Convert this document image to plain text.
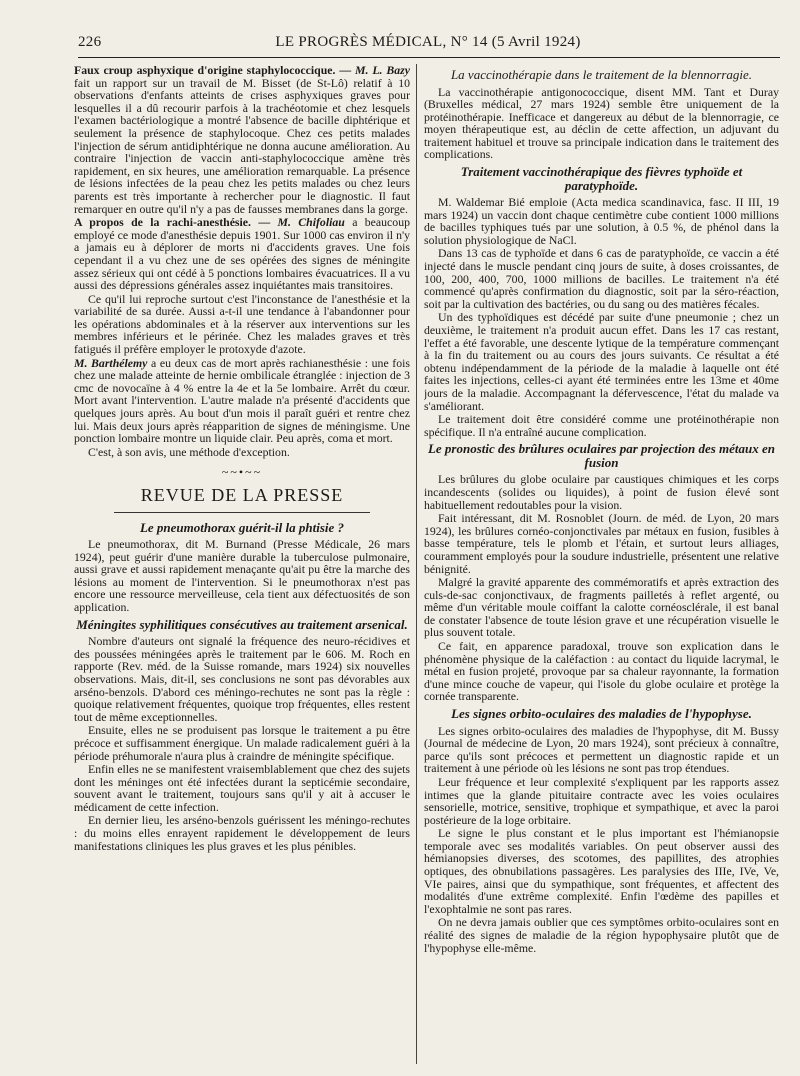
226	LE PROGRÈS MÉDICAL, N° 14 (5 Avril 1924)

Faux croup asphyxique d'origine staphylococcique. — M. L. Bazy fait un rapport sur un travail de M. Bisset (de St-Lô) relatif à 10 observations d'enfants atteints de crises asphyxiques graves pour lesquelles il a dû recourir parfois à la trachéotomie et chez lesquels l'examen bactériologique a montré l'absence de bacille diphtérique et seulement la présence de staphylocoque. Chez ces petits malades l'injection de sérum antidiphtérique ne donna aucune amélioration. Au contraire l'injection de vaccin anti-staphylococcique amène très rapidement, en six heures, une amélioration remarquable. La présence de lésions infectées de la peau chez les petits malades ou chez leurs parents est très importante à rechercher pour le diagnostic. Il faut remarquer en outre qu'il n'y a pas de fausses membranes dans la gorge.

A propos de la rachi-anesthésie. — M. Chifoliau a beaucoup employé ce mode d'anesthésie depuis 1901. Sur 1000 cas environ il n'y a jamais eu à déplorer de morts ni d'accidents graves. Une fois cependant il a vu chez une de ses opérées des signes de méningite assez sérieux qui ont cédé à 5 ponctions lombaires évacuatrices. Il a vu aussi des dépressions générales assez inquiétantes mais transitoires.

Ce qu'il lui reproche surtout c'est l'inconstance de l'anesthésie et la variabilité de sa durée. Aussi a-t-il une tendance à l'abandonner pour les opérations abdominales et à la réserver aux interventions sur les membres inférieurs et le périnée. Chez les malades graves et très fatigués il préfère employer le protoxyde d'azote.

M. Barthélemy a eu deux cas de mort après rachianesthésie : une fois chez une malade atteinte de hernie ombilicale étranglée : injection de 3 cmc de novocaïne à 4 % entre la 4e et la 5e lombaire. Arrêt du cœur. Mort avant l'intervention. L'autre malade n'a présenté d'accidents que quelques jours après. Au bout d'un mois il paraît guéri et rentre chez lui. Mais deux jours après réapparition de signes de méningisme. Une ponction lombaire montre un liquide clair. Peu après, coma et mort.

C'est, à son avis, une méthode d'exception.

~~•~~
REVUE DE LA PRESSE
Le pneumothorax guérit-il la phtisie ?

Le pneumothorax, dit M. Burnand (Presse Médicale, 26 mars 1924), peut guérir d'une manière durable la tuberculose pulmonaire, aussi grave et aussi rapidement menaçante qu'ait pu être la marche des lésions au moment de l'intervention. Si le pneumothorax n'est pas encore une ressource merveilleuse, cela tient aux défectuosités de son application.

Méningites syphilitiques consécutives au traitement arsenical.

Nombre d'auteurs ont signalé la fréquence des neuro-récidives et des poussées méningées après le traitement par le 606. M. Roch en rapporte (Rev. méd. de la Suisse romande, mars 1924) six nouvelles observations. Mais, dit-il, ses conclusions ne sont pas dévorables aux arséno-benzols. D'abord ces méningo-rechutes ne sont pas la règle : quoique relativement fréquentes, quoique trop fréquentes, elles restent tout de même exceptionnelles.

Ensuite, elles ne se produisent pas lorsque le traitement a pu être précoce et suffisamment énergique. Un malade radicalement guéri à la période préhumorale n'aura plus à craindre de méningite spécifique.

Enfin elles ne se manifestent vraisemblablement que chez des sujets dont les méninges ont été infectées durant la septicémie secondaire, souvent avant le traitement, toujours sans qu'il y ait à accuser le médicament de cette infection.

En dernier lieu, les arséno-benzols guérissent les méningo-rechutes : du moins elles enrayent rapidement le développement de leurs manifestations cliniques les plus graves et les plus pénibles.

La vaccinothérapie dans le traitement de la blennorragie.

La vaccinothérapie antigonococcique, disent MM. Tant et Duray (Bruxelles médical, 27 mars 1924) semble être uniquement de la protéinothérapie. Inefficace et dangereux au début de la blennorragie, ce moyen thérapeutique est, au déclin de cette affection, un adjuvant du traitement habituel et trouve sa principale indication dans le traitement des complications.

Traitement vaccinothérapique des fièvres typhoïde et paratyphoïde.

M. Waldemar Bié emploie (Acta medica scandinavica, fasc. II III, 19 mars 1924) un vaccin dont chaque centimètre cube contient 1000 millions de bacilles typhiques tués par une solution, à 0.5 %, de phénol dans la solution physiologique de NaCl.

Dans 13 cas de typhoïde et dans 6 cas de paratyphoïde, ce vaccin a été injecté dans le muscle pendant cinq jours de suite, à doses croissantes, de 100, 200, 400, 700, 1000 millions de bacilles. Le traitement n'a été commencé qu'après confirmation du diagnostic, soit par la séro-réaction, soit par la cultivation des bactéries, ou du sang ou des matières fécales.

Un des typhoïdiques est décédé par suite d'une pneumonie ; chez un deuxième, le traitement n'a produit aucun effet. Dans les 17 cas restant, l'effet a été favorable, une descente lytique de la température commençant à la fin du traitement ou au cours des jours suivants. Ce résultat a été obtenu indépendamment de la période de la maladie à laquelle ont été faites les injections, celles-ci ayant été terminées entre les 13me et 40me jours de la maladie. Accompagnant la défervescence, l'état du malade va s'améliorant.

Le traitement doit être considéré comme une protéinothérapie non spécifique. Il n'a entraîné aucune complication.

Le pronostic des brûlures oculaires par projection des métaux en fusion

Les brûlures du globe oculaire par caustiques chimiques et les corps incandescents (solides ou liquides), à point de fusion élevé sont habituellement redoutables pour la vision.

Fait intéressant, dit M. Rosnoblet (Journ. de méd. de Lyon, 20 mars 1924), les brûlures cornéo-conjonctivales par métaux en fusion, fusibles à basse température, tels le plomb et l'étain, et surtout leurs alliages, couramment employés pour la soudure industrielle, présentent une relative bénignité.

Malgré la gravité apparente des commémoratifs et après extraction des culs-de-sac conjonctivaux, de fragments pailletés à reflet argenté, ou même d'un véritable moule coiffant la calotte cornéosclérale, il est banal de constater l'absence de toute lésion grave et une récupération visuelle le plus souvent totale.

Ce fait, en apparence paradoxal, trouve son explication dans le phénomène physique de la caléfaction : au contact du liquide lacrymal, le métal en fusion projeté, provoque par sa chaleur rayonnante, la formation d'une mince couche de vapeur, qui l'isole du globe oculaire et protège la cornée transparente.

Les signes orbito-oculaires des maladies de l'hypophyse.

Les signes orbito-oculaires des maladies de l'hypophyse, dit M. Bussy (Journal de médecine de Lyon, 20 mars 1924), sont précieux à connaître, parce qu'ils sont précoces et permettent un diagnostic rapide et un traitement à une période où les lésions ne sont pas trop étendues.

Leur fréquence et leur complexité s'expliquent par les rapports assez intimes que la glande pituitaire contracte avec les voies oculaires sensorielle, motrice, sensitive, trophique et sympathique, et avec la paroi postérieure de la loge orbitaire.

Le signe le plus constant et le plus important est l'hémianopsie temporale avec ses modalités variables. On peut observer aussi des hémianopsies diverses, des scotomes, des papillites, des atrophies optiques, des obnubilations passagères. Les paralysies des IIIe, IVe, Ve, VIe paires, ainsi que du sympathique, sont fréquentes, et affectent des modalités d'une extrême complexité. Enfin l'œdème des papilles et l'exophtalmie ne sont pas rares.

On ne devra jamais oublier que ces symptômes orbito-oculaires sont en réalité des signes de maladie de la région hypophysaire plutôt que de l'hypophyse elle-même.
